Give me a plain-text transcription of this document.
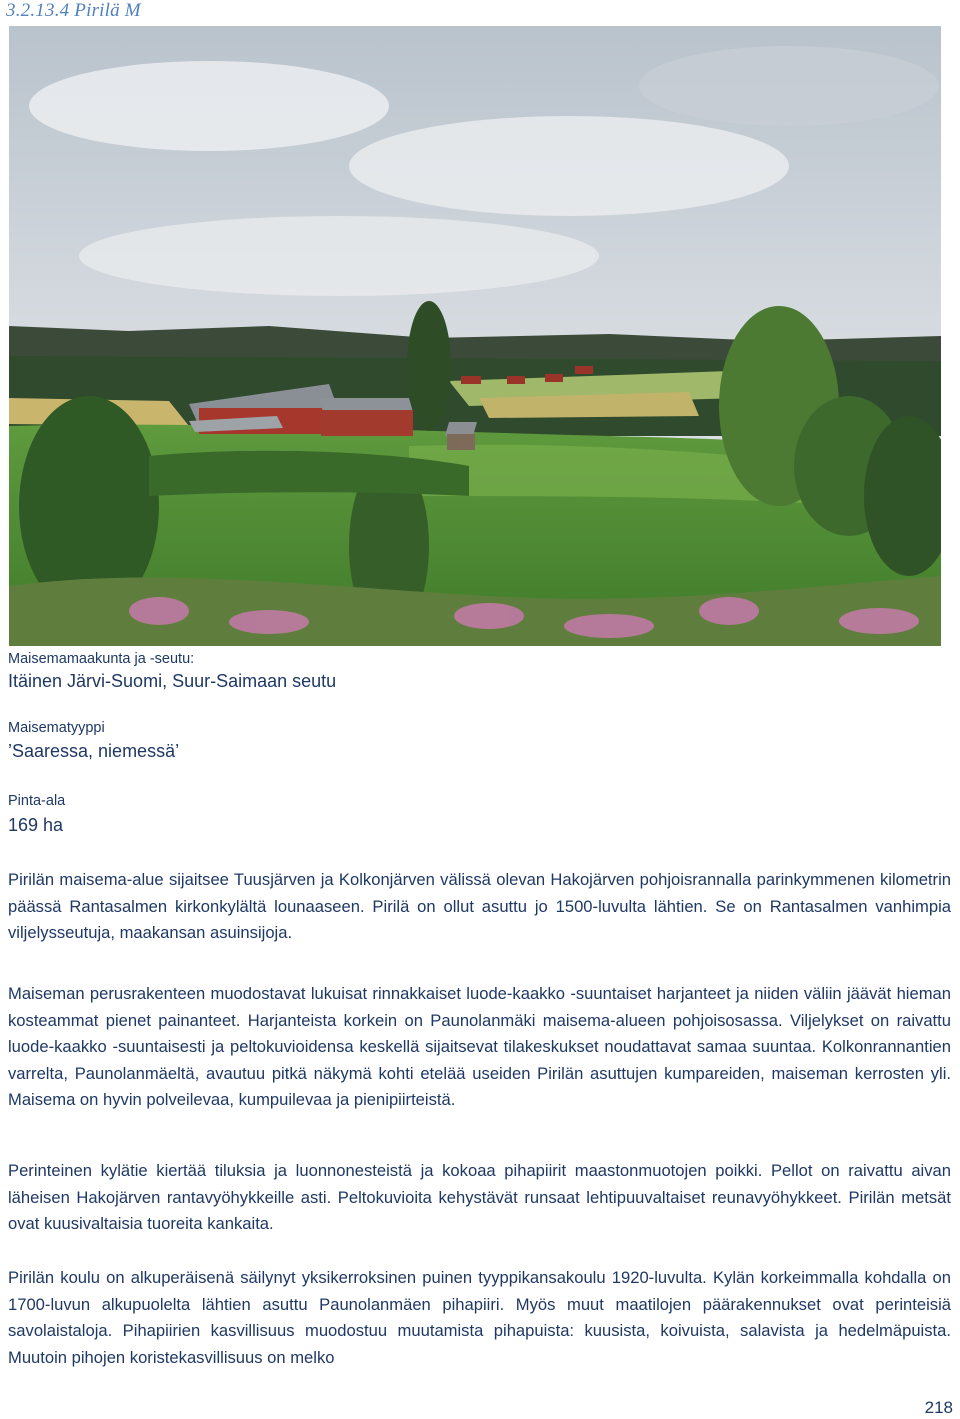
3.2.13.4 Pirilä M
Maisemamaakunta ja -seutu:
Itäinen Järvi-Suomi, Suur-Saimaan seutu
Maisematyyppi
’Saaressa, niemessä’
Pinta-ala
169 ha

Pirilän maisema-alue sijaitsee Tuusjärven ja Kolkonjärven välissä olevan Hakojärven pohjoisrannalla parinkymmenen kilometrin päässä Rantasalmen kirkonkylältä lounaaseen. Pirilä on ollut asuttu jo 1500-luvulta lähtien. Se on Rantasalmen vanhimpia viljelysseutuja, maakansan asuinsijoja.

Maiseman perusrakenteen muodostavat lukuisat rinnakkaiset luode-kaakko -suuntaiset harjanteet ja niiden väliin jäävät hieman kosteammat pienet painanteet. Harjanteista korkein on Paunolanmäki maisema-alueen pohjoisosassa. Viljelykset on raivattu luode-kaakko -suuntaisesti ja peltokuvioidensa keskellä sijaitsevat tilakeskukset noudattavat samaa suuntaa. Kolkonrannantien varrelta, Paunolanmäeltä, avautuu pitkä näkymä kohti etelää useiden Pirilän asuttujen kumpareiden, maiseman kerrosten yli. Maisema on hyvin polveilevaa, kumpuilevaa ja pienipiirteistä.

Perinteinen kylätie kiertää tiluksia ja luonnonesteistä ja kokoaa pihapiirit maastonmuotojen poikki. Pellot on raivattu aivan läheisen Hakojärven rantavyöhykkeille asti. Peltokuvioita kehystävät runsaat lehtipuuvaltaiset reunavyöhykkeet. Pirilän metsät ovat kuusivaltaisia tuoreita kankaita.

Pirilän koulu on alkuperäisenä säilynyt yksikerroksinen puinen tyyppikansakoulu 1920-luvulta. Kylän korkeimmalla kohdalla on 1700-luvun alkupuolelta lähtien asuttu Paunolanmäen pihapiiri. Myös muut maatilojen päärakennukset ovat perinteisiä savolaistaloja. Pihapiirien kasvillisuus muodostuu muutamista pihapuista: kuusista, koivuista, salavista ja hedelmäpuista. Muutoin pihojen koristekasvillisuus on melko

218
